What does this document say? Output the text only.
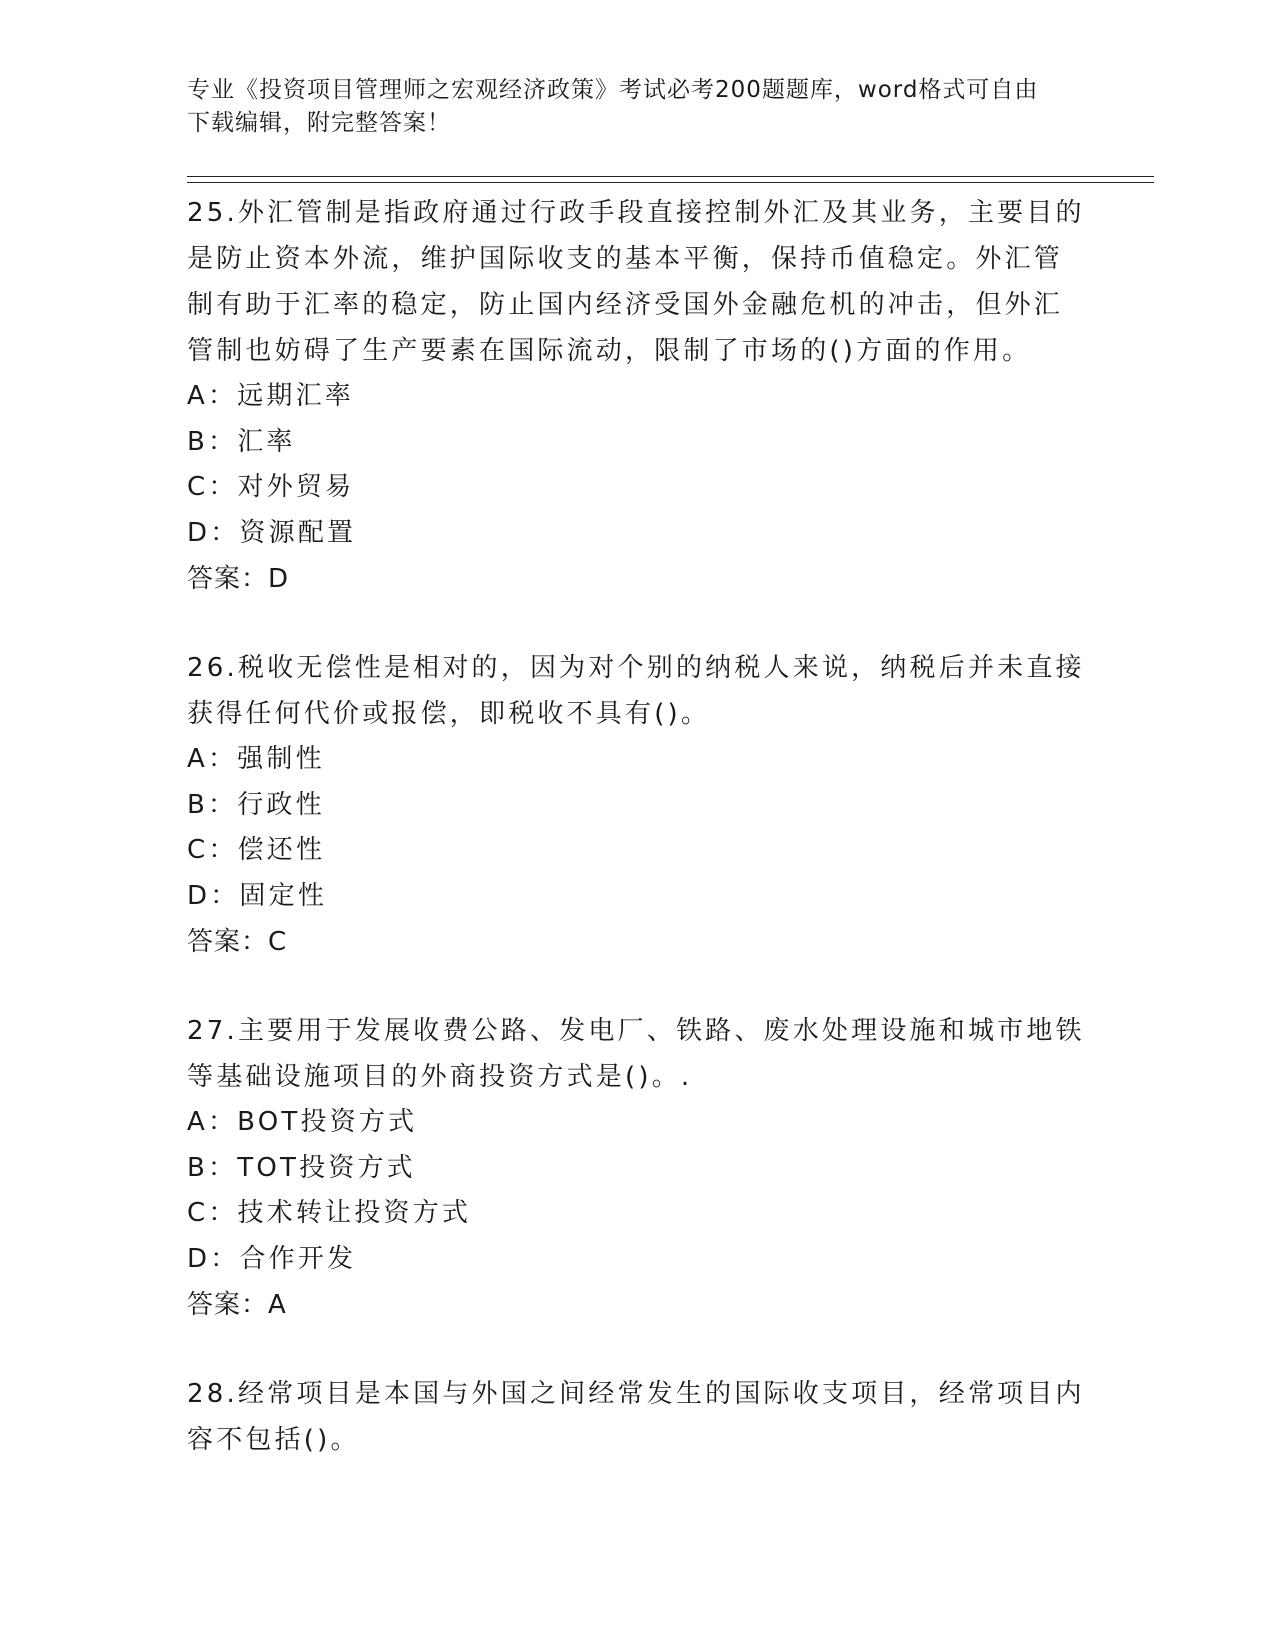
专业《投资项目管理师之宏观经济政策》考试必考200题题库，word格式可自由
下载编辑，附完整答案！

25.外汇管制是指政府通过行政手段直接控制外汇及其业务，主要目的

是防止资本外流，维护国际收支的基本平衡，保持币值稳定。外汇管

制有助于汇率的稳定，防止国内经济受国外金融危机的冲击，但外汇

管制也妨碍了生产要素在国际流动，限制了市场的()方面的作用。

A：远期汇率

B：汇率

C：对外贸易

D：资源配置

答案：D

26.税收无偿性是相对的，因为对个别的纳税人来说，纳税后并未直接

获得任何代价或报偿，即税收不具有()。

A：强制性

B：行政性

C：偿还性

D：固定性

答案：C

27.主要用于发展收费公路、发电厂、铁路、废水处理设施和城市地铁

等基础设施项目的外商投资方式是()。.

A：BOT投资方式

B：TOT投资方式

C：技术转让投资方式

D：合作开发

答案：A

28.经常项目是本国与外国之间经常发生的国际收支项目，经常项目内

容不包括()。
